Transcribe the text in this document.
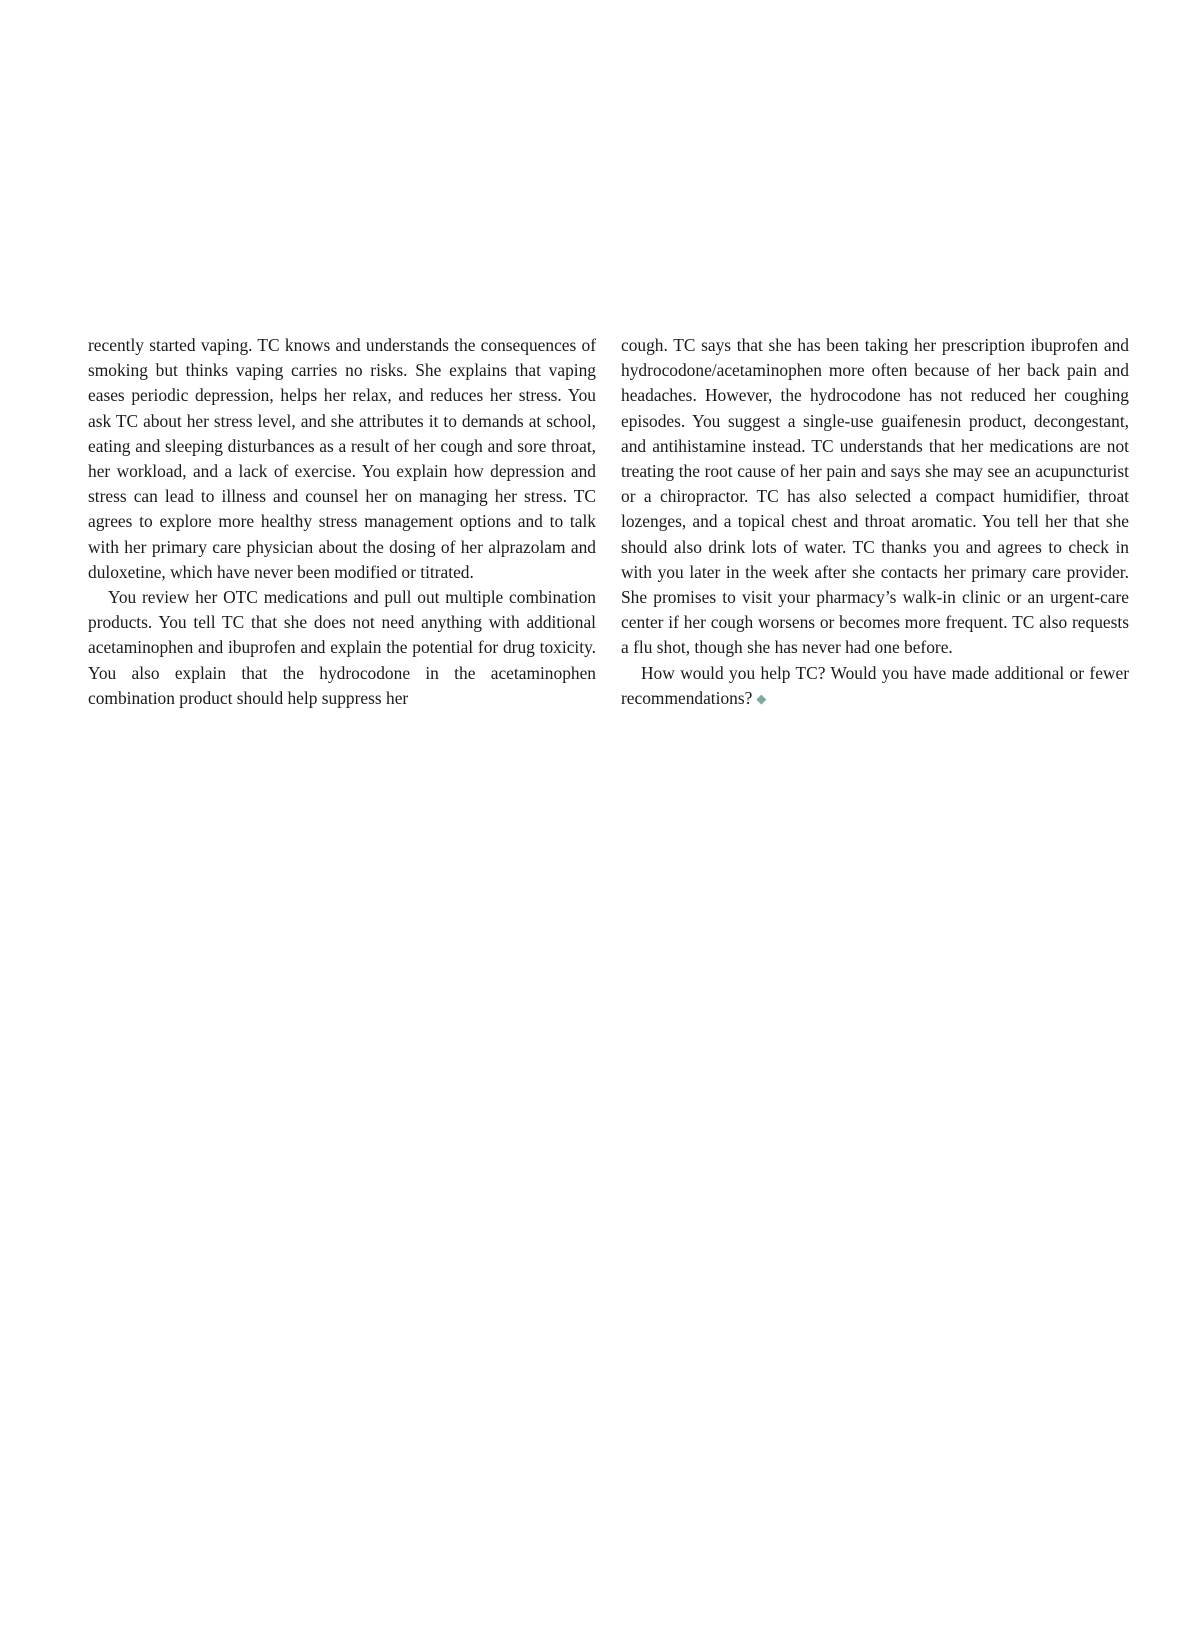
recently started vaping. TC knows and understands the consequences of smoking but thinks vaping carries no risks. She explains that vaping eases periodic depression, helps her relax, and reduces her stress. You ask TC about her stress level, and she attributes it to demands at school, eating and sleeping disturbances as a result of her cough and sore throat, her workload, and a lack of exercise. You explain how depression and stress can lead to illness and counsel her on managing her stress. TC agrees to explore more healthy stress management options and to talk with her primary care physician about the dosing of her alprazolam and duloxetine, which have never been modified or titrated.

You review her OTC medications and pull out multiple combination products. You tell TC that she does not need anything with additional acetaminophen and ibuprofen and explain the potential for drug toxicity. You also explain that the hydrocodone in the acetaminophen combination product should help suppress her

cough. TC says that she has been taking her prescription ibuprofen and hydrocodone/acetaminophen more often because of her back pain and headaches. However, the hydrocodone has not reduced her coughing episodes. You suggest a single-use guaifenesin product, decongestant, and antihistamine instead. TC understands that her medications are not treating the root cause of her pain and says she may see an acupuncturist or a chiropractor. TC has also selected a compact humidifier, throat lozenges, and a topical chest and throat aromatic. You tell her that she should also drink lots of water. TC thanks you and agrees to check in with you later in the week after she contacts her primary care provider. She promises to visit your pharmacy’s walk-in clinic or an urgent-care center if her cough worsens or becomes more frequent. TC also requests a flu shot, though she has never had one before.

How would you help TC? Would you have made additional or fewer recommendations? ◆
